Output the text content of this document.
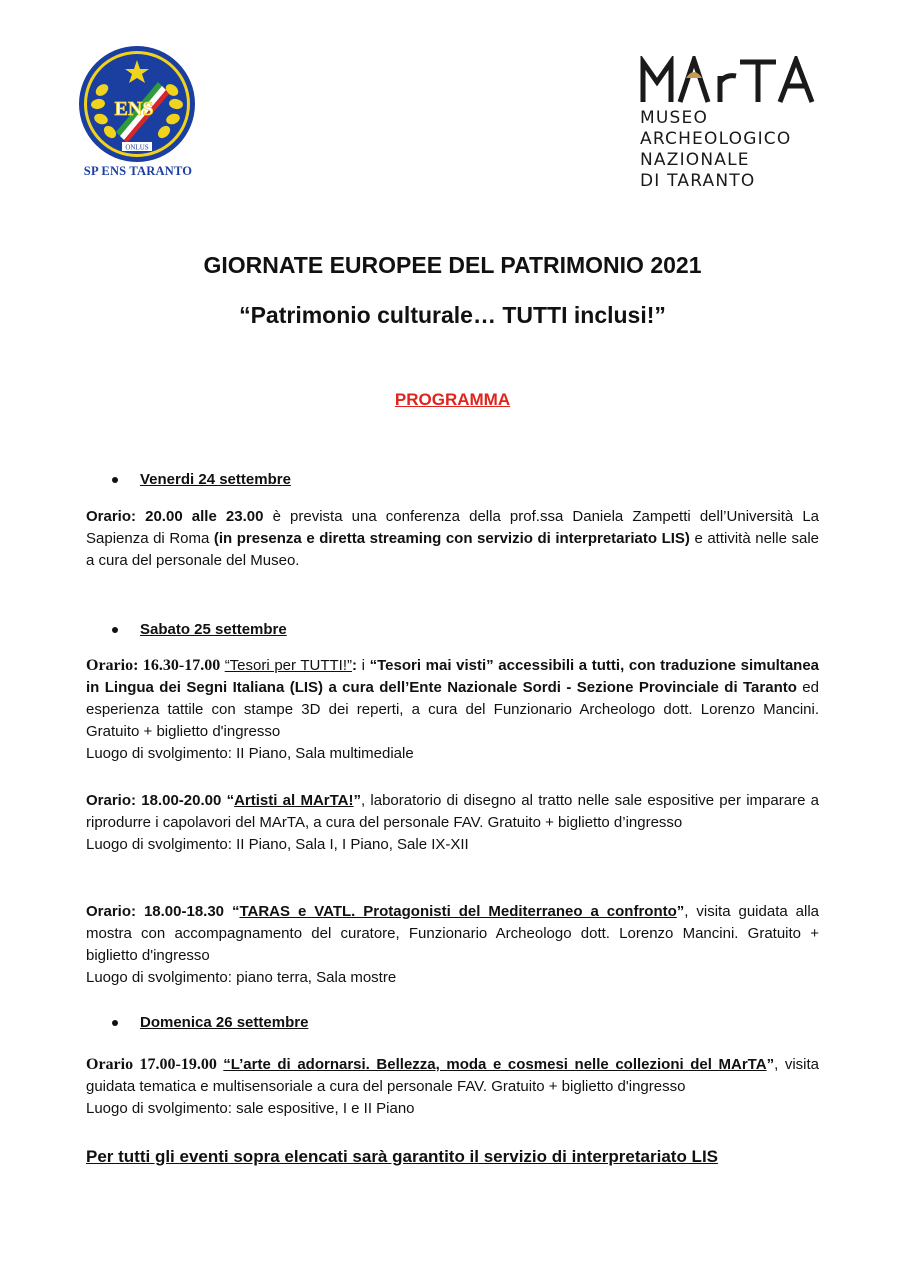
ENS
ONLUS
SP ENS TARANTO
MUSEO
ARCHEOLOGICO
NAZIONALE
DI TARANTO
GIORNATE EUROPEE DEL PATRIMONIO 2021
“Patrimonio culturale… TUTTI inclusi!”
PROGRAMMA
Venerdi 24 settembre
Orario: 20.00 alle 23.00 è prevista una conferenza della prof.ssa Daniela Zampetti dell’Università La Sapienza di Roma (in presenza e diretta streaming con servizio di interpretariato LIS) e attività nelle sale a cura del personale del Museo.
Sabato 25 settembre
Orario: 16.30-17.00 “Tesori per TUTTI!”: i “Tesori mai visti” accessibili a tutti, con traduzione simultanea in Lingua dei Segni Italiana (LIS) a cura dell’Ente Nazionale Sordi - Sezione Provinciale di Taranto ed esperienza tattile con stampe 3D dei reperti, a cura del Funzionario Archeologo dott. Lorenzo Mancini. Gratuito + biglietto d'ingresso
Luogo di svolgimento: II Piano, Sala multimediale
Orario: 18.00-20.00 “Artisti al MArTA!”, laboratorio di disegno al tratto nelle sale espositive per imparare a riprodurre i capolavori del MArTA, a cura del personale FAV. Gratuito + biglietto d’ingresso
Luogo di svolgimento: II Piano, Sala I, I Piano, Sale IX-XII
Orario: 18.00-18.30 “TARAS e VATL. Protagonisti del Mediterraneo a confronto”, visita guidata alla mostra con accompagnamento del curatore, Funzionario Archeologo dott. Lorenzo Mancini. Gratuito + biglietto d'ingresso
Luogo di svolgimento: piano terra, Sala mostre
Domenica 26 settembre
Orario 17.00-19.00 “L’arte di adornarsi. Bellezza, moda e cosmesi nelle collezioni del MArTA”, visita guidata tematica e multisensoriale a cura del personale FAV. Gratuito + biglietto d'ingresso
Luogo di svolgimento: sale espositive, I e II Piano
Per tutti gli eventi sopra elencati sarà garantito il servizio di interpretariato LIS
